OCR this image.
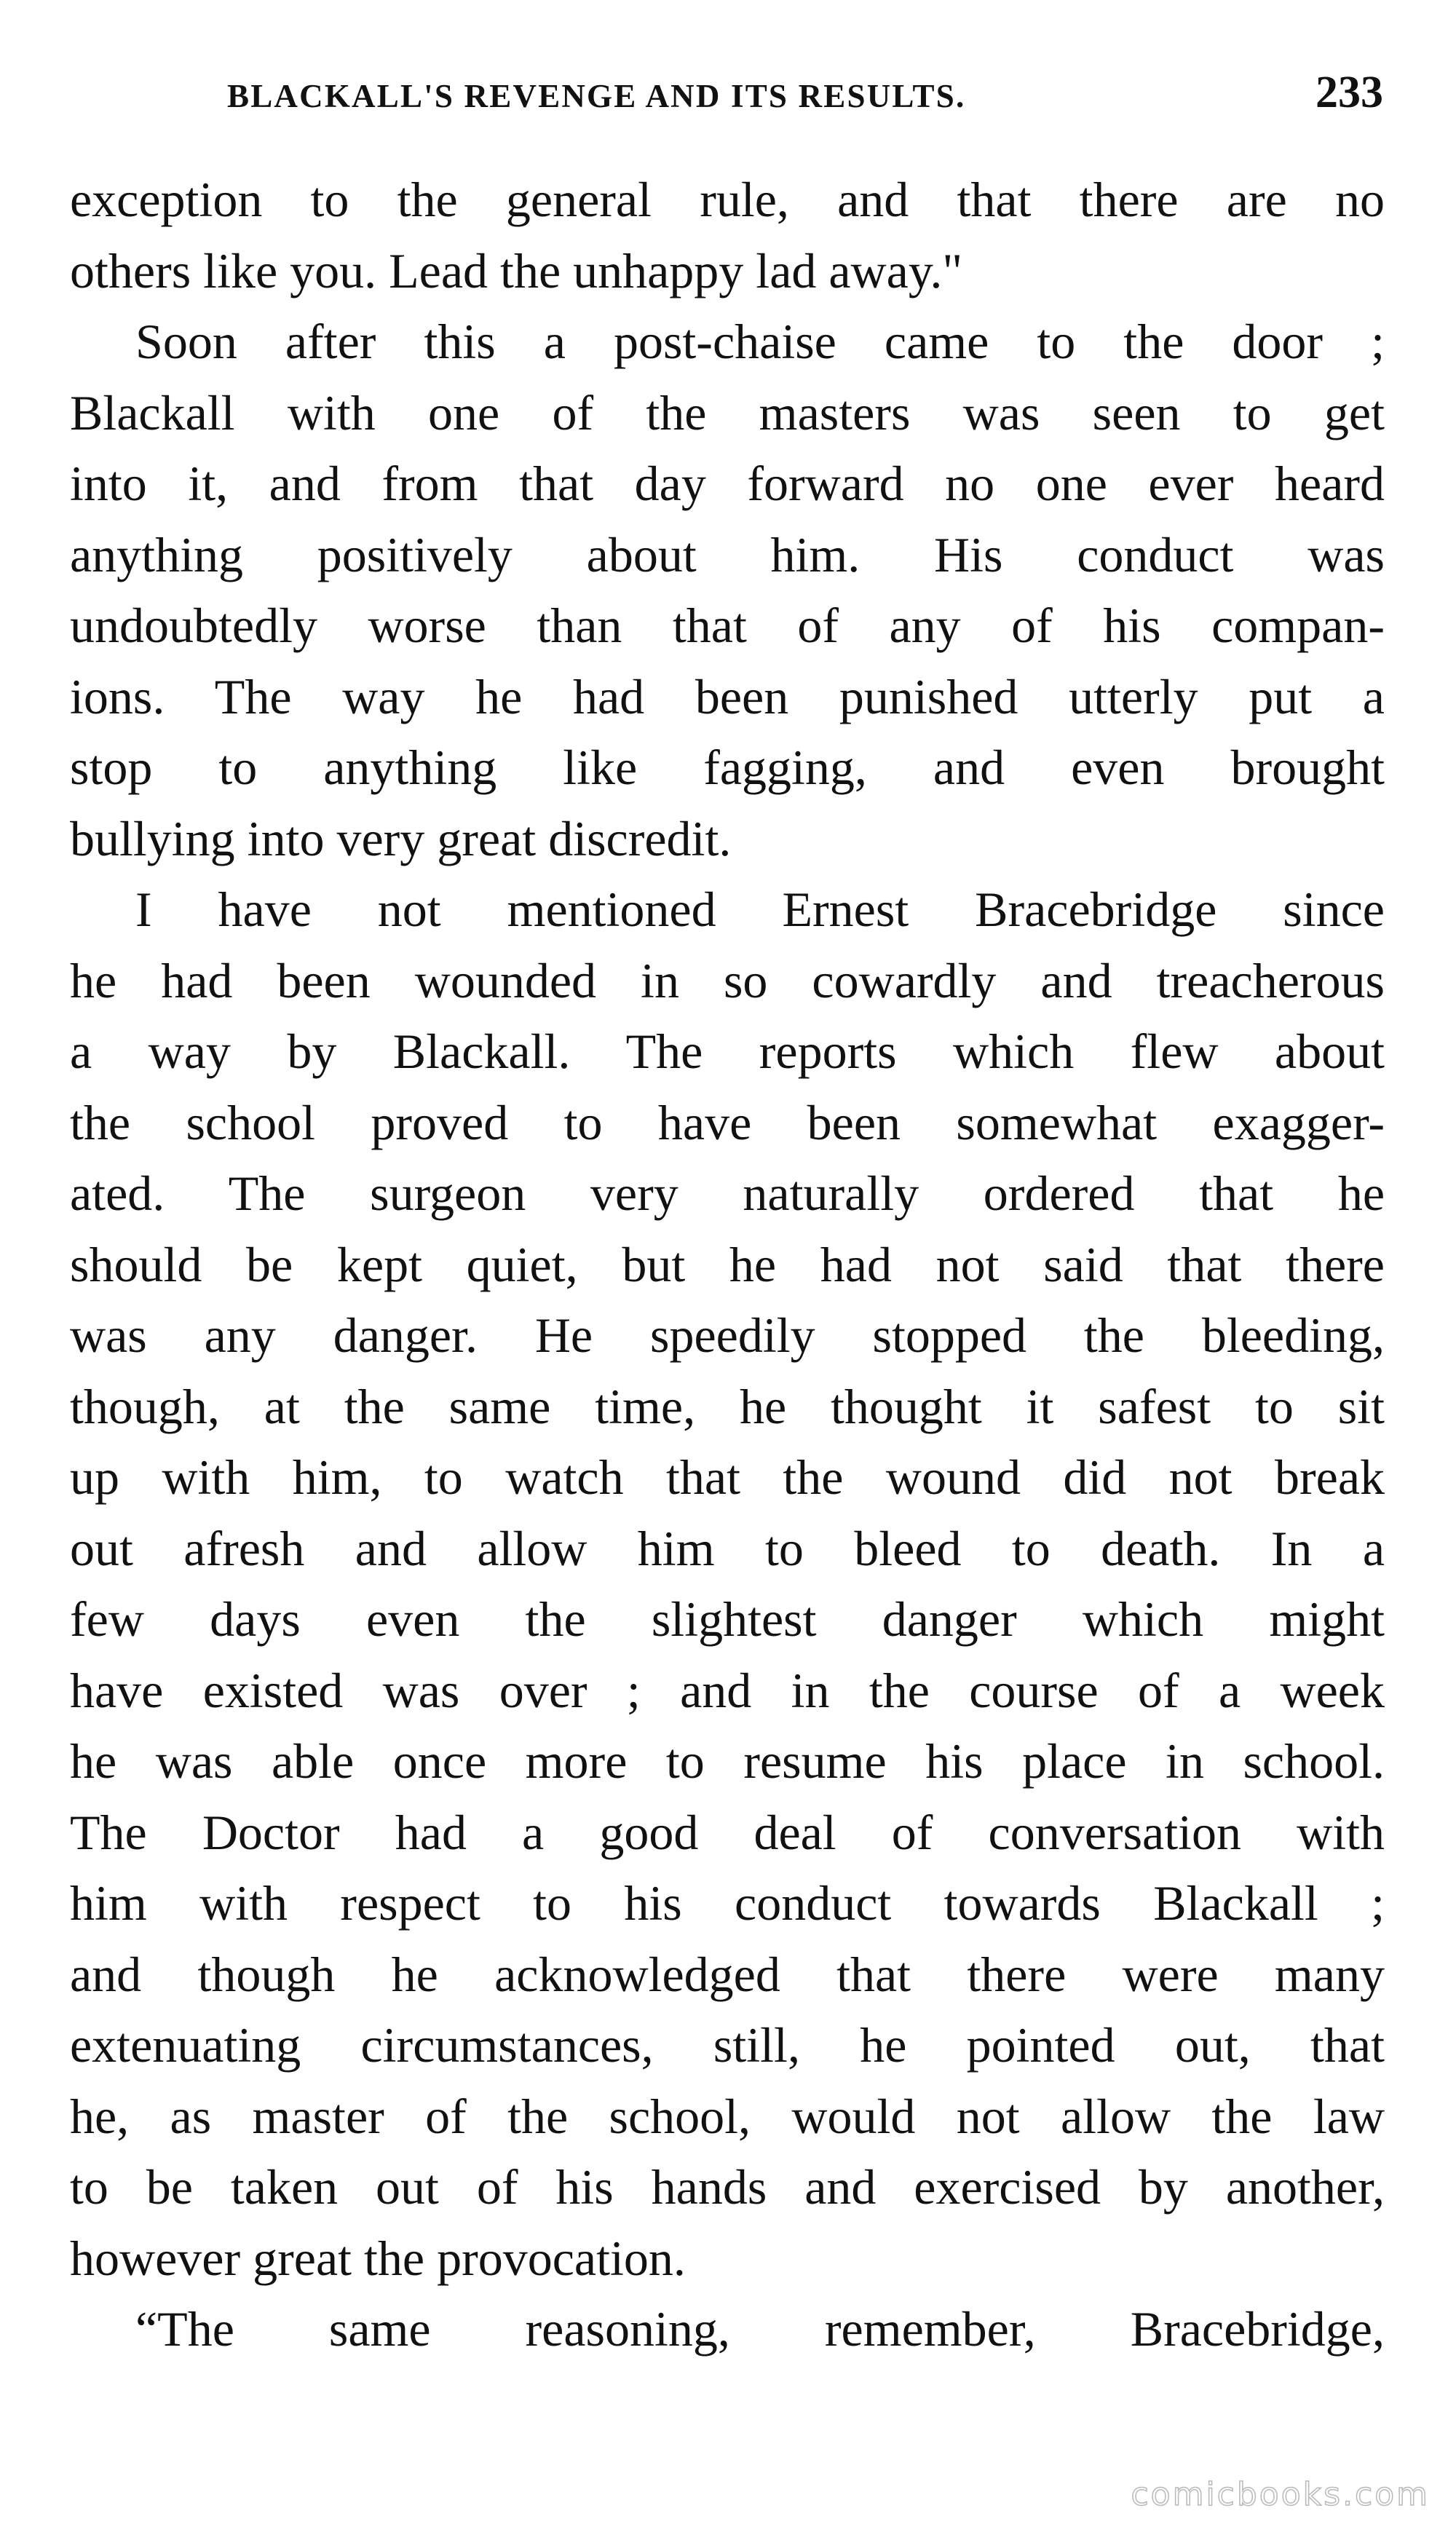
BLACKALL'S REVENGE AND ITS RESULTS.	233
exception to the general rule, and that there are no
others like you. Lead the unhappy lad away."
Soon after this a post-chaise came to the door ;
Blackall with one of the masters was seen to get
into it, and from that day forward no one ever heard
anything positively about him. His conduct was
undoubtedly worse than that of any of his compan-
ions. The way he had been punished utterly put a
stop to anything like fagging, and even brought
bullying into very great discredit.
I have not mentioned Ernest Bracebridge since
he had been wounded in so cowardly and treacherous
a way by Blackall. The reports which flew about
the school proved to have been somewhat exagger-
ated. The surgeon very naturally ordered that he
should be kept quiet, but he had not said that there
was any danger. He speedily stopped the bleeding,
though, at the same time, he thought it safest to sit
up with him, to watch that the wound did not break
out afresh and allow him to bleed to death. In a
few days even the slightest danger which might
have existed was over ; and in the course of a week
he was able once more to resume his place in school.
The Doctor had a good deal of conversation with
him with respect to his conduct towards Blackall ;
and though he acknowledged that there were many
extenuating circumstances, still, he pointed out, that
he, as master of the school, would not allow the law
to be taken out of his hands and exercised by another,
however great the provocation.
“The same reasoning, remember, Bracebridge,
comicbooks.com
